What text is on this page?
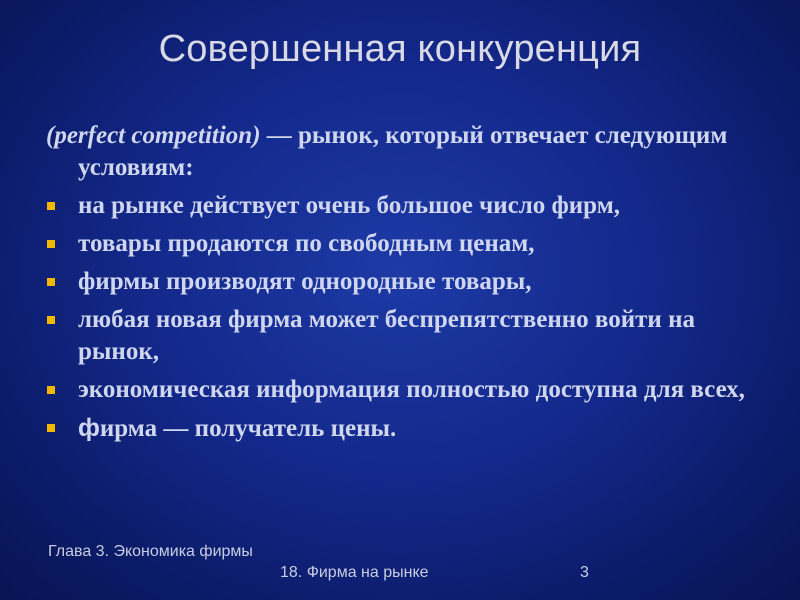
Совершенная конкуренция

(perfect competition) — рынок, который отвечает следующим условиям:

на рынке действует очень большое число фирм,
товары продаются по свободным ценам,
фирмы производят однородные товары,
любая новая фирма может беспрепятственно войти на рынок,
экономическая информация полностью доступна для всех,
фирма — получатель цены.
Глава 3. Экономика фирмы
18. Фирма на рынке	3
